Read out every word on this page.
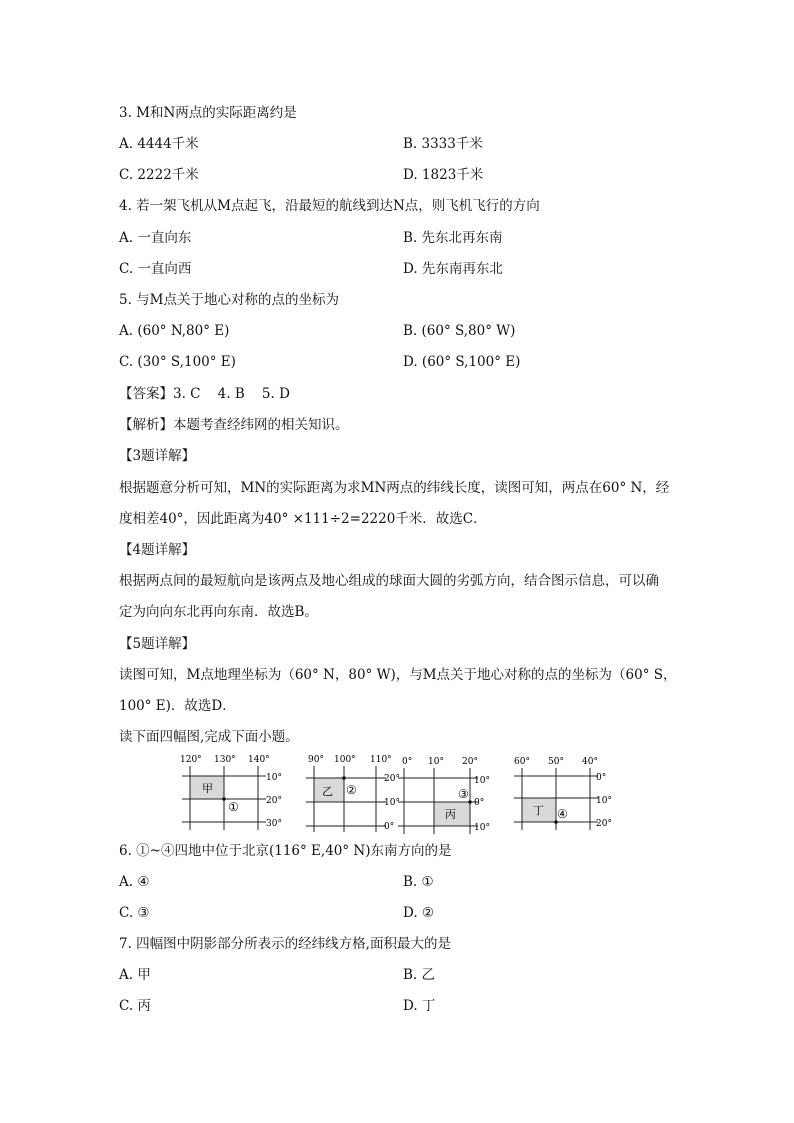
3. M和N两点的实际距离约是
A. 4444千米	B. 3333千米
C. 2222千米	D. 1823千米
4. 若一架飞机从M点起飞，沿最短的航线到达N点，则飞机飞行的方向
A. 一直向东	B. 先东北再东南
C. 一直向西	D. 先东南再东北
5. 与M点关于地心对称的点的坐标为
A. (60° N,80° E)	B. (60° S,80° W)
C. (30° S,100° E)	D. (60° S,100° E)
【答案】3. C    4. B    5. D
【解析】本题考查经纬网的相关知识。
【3题详解】
根据题意分析可知，MN的实际距离为求MN两点的纬线长度，读图可知，两点在60° N，经
度相差40°，因此距离为40° ×111÷2=2220千米．故选C．
【4题详解】
根据两点间的最短航向是该两点及地心组成的球面大圆的劣弧方向，结合图示信息，可以确
定为向向东北再向东南．故选B。
【5题详解】
读图可知，M点地理坐标为（60° N，80° W)，与M点关于地心对称的点的坐标为（60° S，
100° E)．故选D．
读下面四幅图,完成下面小题。
120° 130° 140°
甲
①
10°
20°
30°
90° 100° 110°
乙 ②
20°
10°
0°
0° 10° 20°
丙
③
10°
0°
10°
60° 50° 40°
丁 ④
0°
10°
20°
6. ①~④四地中位于北京(116° E,40° N)东南方向的是
A. ④	B. ①
C. ③	D. ②
7. 四幅图中阴影部分所表示的经纬线方格,面积最大的是
A. 甲	B. 乙
C. 丙	D. 丁
